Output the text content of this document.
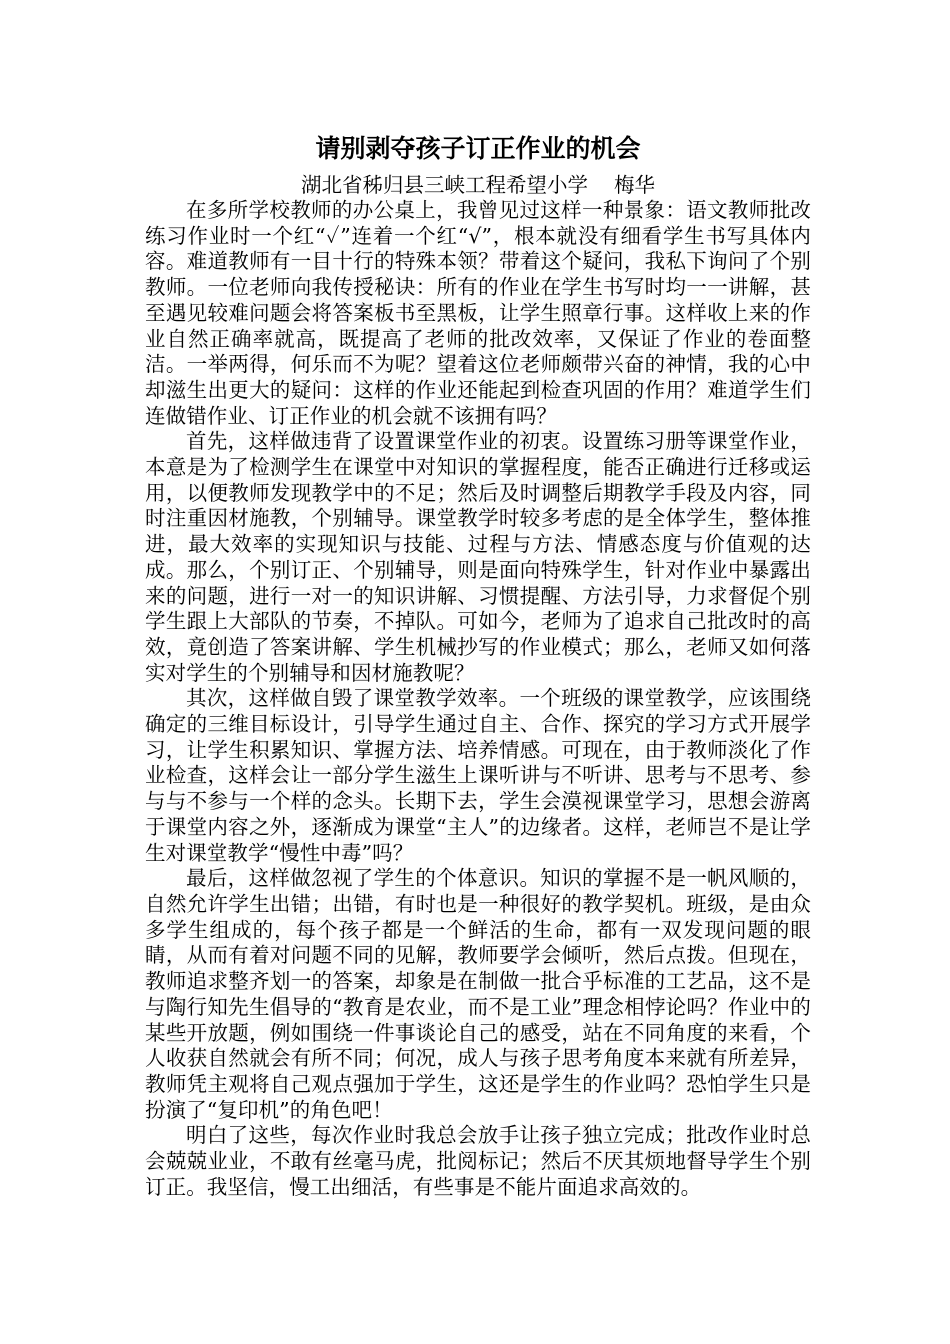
请别剥夺孩子订正作业的机会

湖北省秭归县三峡工程希望小学    梅华

在多所学校教师的办公桌上，我曾见过这样一种景象：语文教师批改练习作业时一个红“✓”连着一个红“√”，根本就没有细看学生书写具体内容。难道教师有一目十行的特殊本领？带着这个疑问，我私下询问了个别教师。一位老师向我传授秘诀：所有的作业在学生书写时均一一讲解，甚至遇见较难问题会将答案板书至黑板，让学生照章行事。这样收上来的作业自然正确率就高，既提高了老师的批改效率，又保证了作业的卷面整洁。一举两得，何乐而不为呢？望着这位老师颇带兴奋的神情，我的心中却滋生出更大的疑问：这样的作业还能起到检查巩固的作用？难道学生们连做错作业、订正作业的机会就不该拥有吗？

首先，这样做违背了设置课堂作业的初衷。设置练习册等课堂作业，本意是为了检测学生在课堂中对知识的掌握程度，能否正确进行迁移或运用，以便教师发现教学中的不足；然后及时调整后期教学手段及内容，同时注重因材施教，个别辅导。课堂教学时较多考虑的是全体学生，整体推进，最大效率的实现知识与技能、过程与方法、情感态度与价值观的达成。那么，个别订正、个别辅导，则是面向特殊学生，针对作业中暴露出来的问题，进行一对一的知识讲解、习惯提醒、方法引导，力求督促个别学生跟上大部队的节奏，不掉队。可如今，老师为了追求自己批改时的高效，竟创造了答案讲解、学生机械抄写的作业模式；那么，老师又如何落实对学生的个别辅导和因材施教呢？

其次，这样做自毁了课堂教学效率。一个班级的课堂教学，应该围绕确定的三维目标设计，引导学生通过自主、合作、探究的学习方式开展学习，让学生积累知识、掌握方法、培养情感。可现在，由于教师淡化了作业检查，这样会让一部分学生滋生上课听讲与不听讲、思考与不思考、参与与不参与一个样的念头。长期下去，学生会漠视课堂学习，思想会游离于课堂内容之外，逐渐成为课堂“主人”的边缘者。这样，老师岂不是让学生对课堂教学“慢性中毒”吗？

最后，这样做忽视了学生的个体意识。知识的掌握不是一帆风顺的，自然允许学生出错；出错，有时也是一种很好的教学契机。班级，是由众多学生组成的，每个孩子都是一个鲜活的生命，都有一双发现问题的眼睛，从而有着对问题不同的见解，教师要学会倾听，然后点拨。但现在，教师追求整齐划一的答案，却象是在制做一批合乎标准的工艺品，这不是与陶行知先生倡导的“教育是农业，而不是工业”理念相悖论吗？作业中的某些开放题，例如围绕一件事谈论自己的感受，站在不同角度的来看，个人收获自然就会有所不同；何况，成人与孩子思考角度本来就有所差异，教师凭主观将自己观点强加于学生，这还是学生的作业吗？恐怕学生只是扮演了“复印机”的角色吧！

明白了这些，每次作业时我总会放手让孩子独立完成；批改作业时总会兢兢业业，不敢有丝毫马虎，批阅标记；然后不厌其烦地督导学生个别订正。我坚信，慢工出细活，有些事是不能片面追求高效的。
